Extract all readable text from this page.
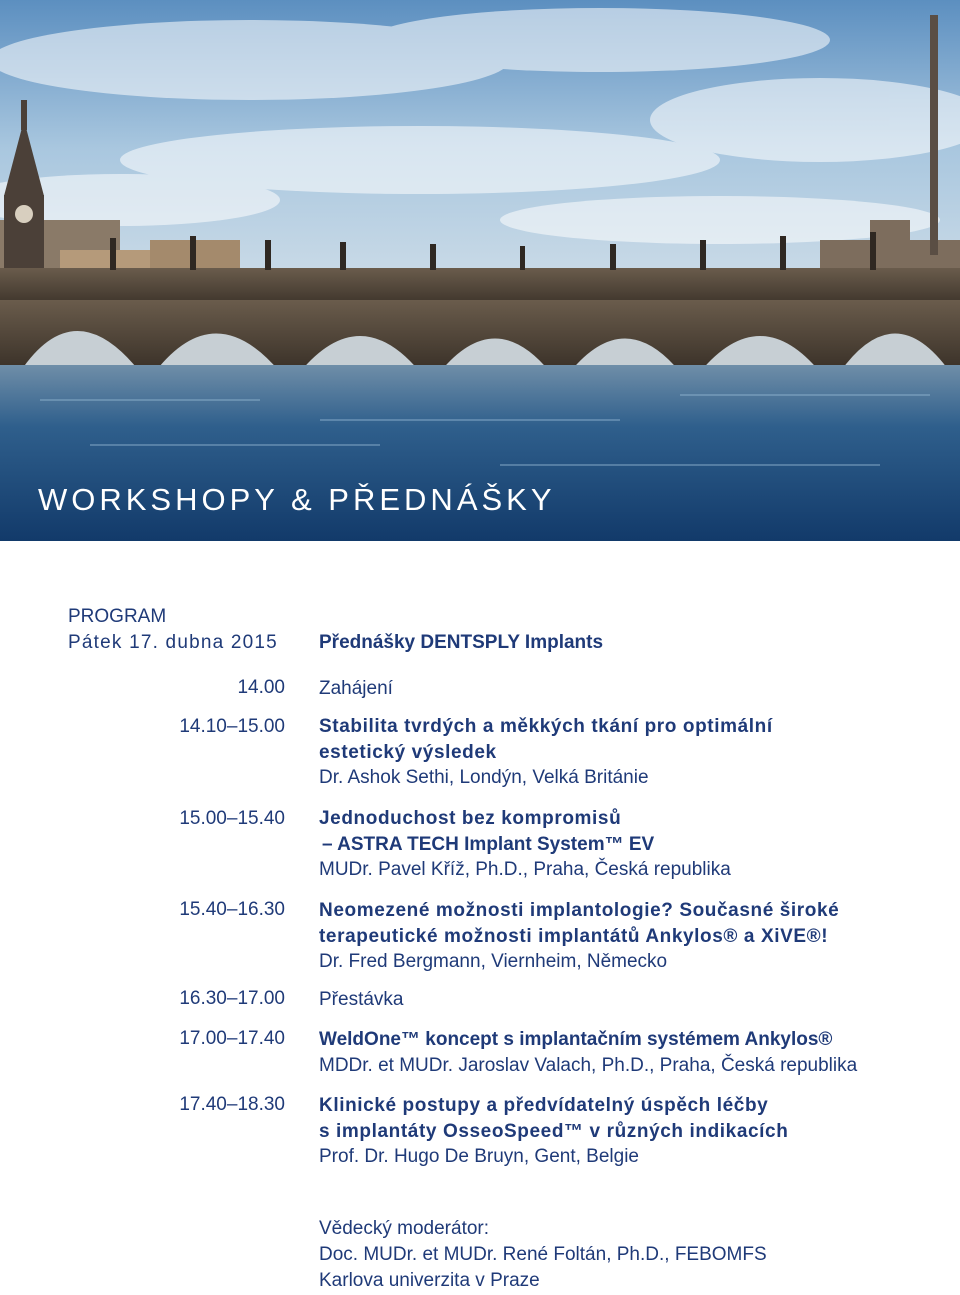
WORKSHOPY & PŘEDNÁŠKY
PROGRAM
Pátek 17. dubna 2015 Přednášky DENTSPLY Implants
14.00 Zahájení
14.10–15.00 Stabilita tvrdých a měkkých tkání pro optimální
estetický výsledek
Dr. Ashok Sethi, Londýn, Velká Británie
15.00–15.40 Jednoduchost bez kompromisů
– ASTRA TECH Implant System™ EV
MUDr. Pavel Kříž, Ph.D., Praha, Česká republika
15.40–16.30 Neomezené možnosti implantologie? Současné široké
terapeutické možnosti implantátů Ankylos® a XiVE®!
Dr. Fred Bergmann, Viernheim, Německo
16.30–17.00 Přestávka
17.00–17.40 WeldOne™ koncept s implantačním systémem Ankylos®
MDDr. et MUDr. Jaroslav Valach, Ph.D., Praha, Česká republika
17.40–18.30 Klinické postupy a předvídatelný úspěch léčby
s implantáty OsseoSpeed™ v různých indikacích
Prof. Dr. Hugo De Bruyn, Gent, Belgie
Vědecký moderátor:
Doc. MUDr. et MUDr. René Foltán, Ph.D., FEBOMFS
Karlova univerzita v Praze
